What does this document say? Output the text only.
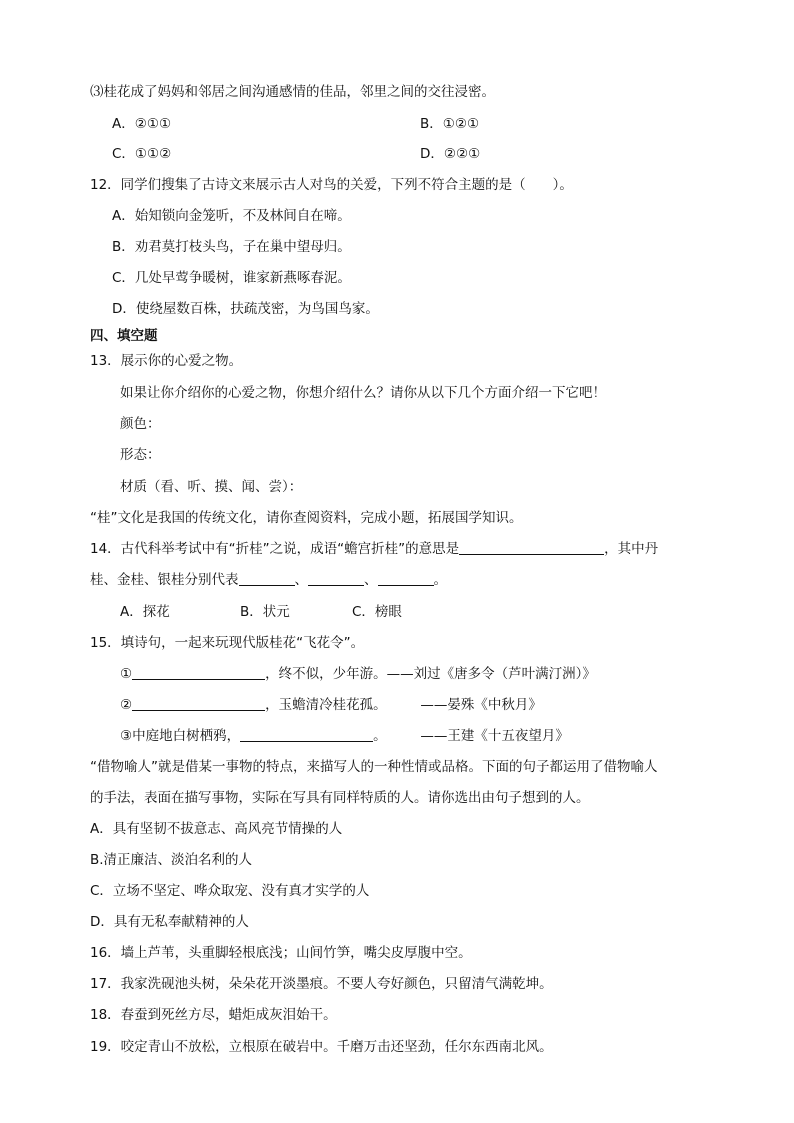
⑶桂花成了妈妈和邻居之间沟通感情的佳品，邻里之间的交往浸密。
A．②①①	B．①②①
C．①①②	D．②②①
12．同学们搜集了古诗文来展示古人对鸟的关爱，下列不符合主题的是（　　）。
A．始知锁向金笼听，不及林间自在啼。
B．劝君莫打枝头鸟，子在巢中望母归。
C．几处早莺争暖树，谁家新燕啄春泥。
D．使绕屋数百株，扶疏茂密，为鸟国鸟家。
四、填空题
13．展示你的心爱之物。
如果让你介绍你的心爱之物，你想介绍什么？请你从以下几个方面介绍一下它吧！
颜色：
形态：
材质（看、听、摸、闻、尝）：
“桂”文化是我国的传统文化，请你查阅资料，完成小题，拓展国学知识。
14．古代科举考试中有“折桂”之说，成语“蟾宫折桂”的意思是	，其中丹
桂、金桂、银桂分别代表	、	、	。
A．探花	B．状元	C．榜眼
15．填诗句，一起来玩现代版桂花“飞花令”。
①	，终不似，少年游。——刘过《唐多令（芦叶满汀洲）》
②	，玉蟾清冷桂花孤。　　　——晏殊《中秋月》
③中庭地白树栖鸦，	。　　　——王建《十五夜望月》
“借物喻人”就是借某一事物的特点，来描写人的一种性情或品格。下面的句子都运用了借物喻人
的手法，表面在描写事物，实际在写具有同样特质的人。请你选出由句子想到的人。
A．具有坚韧不拔意志、高风亮节情操的人
B.清正廉洁、淡泊名利的人
C．立场不坚定、哗众取宠、没有真才实学的人
D．具有无私奉献精神的人
16．墙上芦苇，头重脚轻根底浅；山间竹笋，嘴尖皮厚腹中空。
17．我家洗砚池头树，朵朵花开淡墨痕。不要人夸好颜色，只留清气满乾坤。
18．春蚕到死丝方尽，蜡炬成灰泪始干。
19．咬定青山不放松，立根原在破岩中。千磨万击还坚劲，任尔东西南北风。
